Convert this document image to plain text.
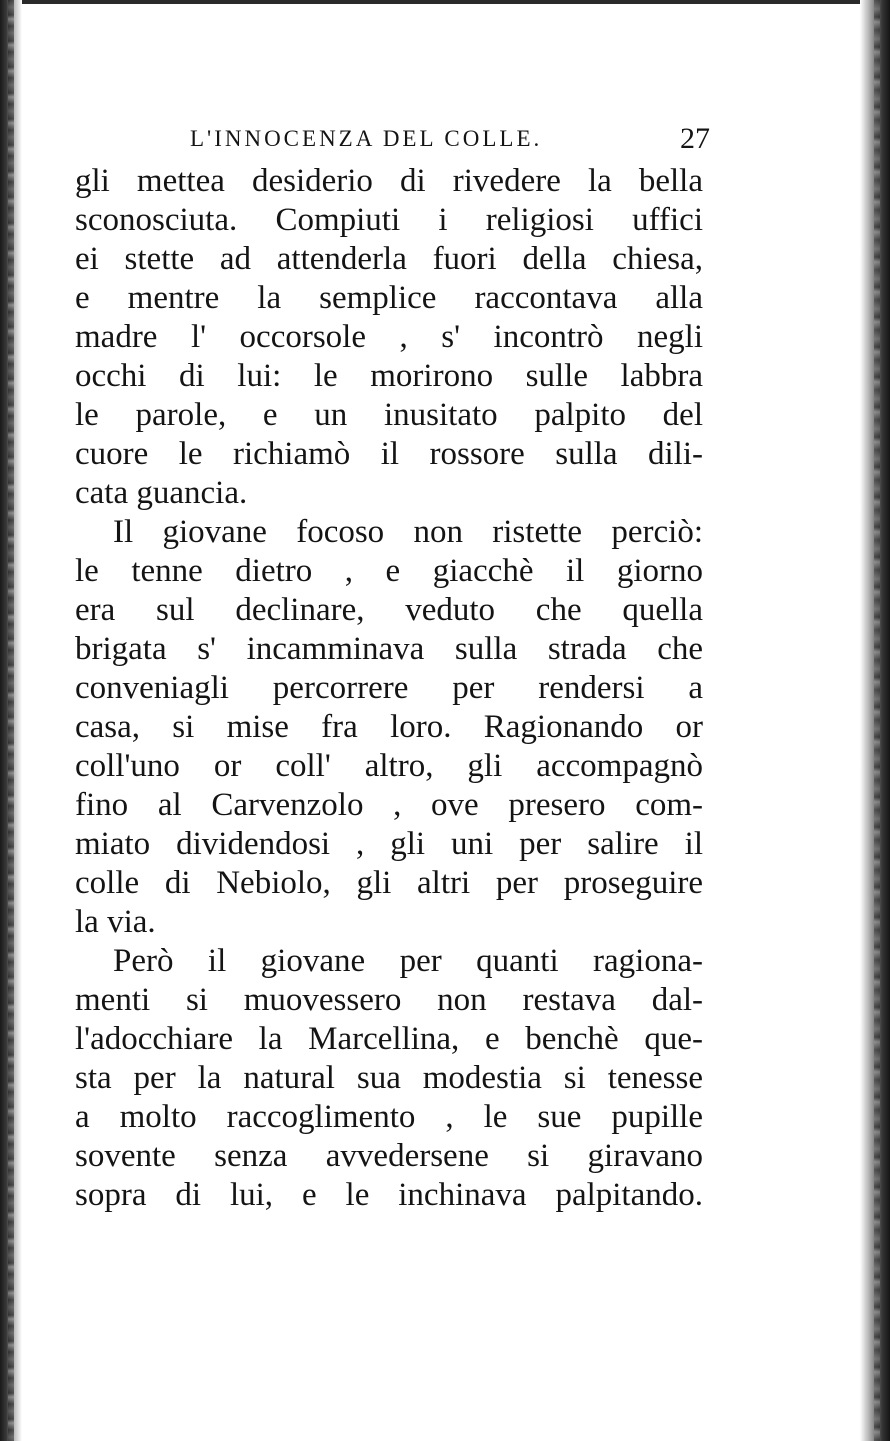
L'INNOCENZA DEL COLLE.	27
gli mettea desiderio di rivedere la bella
sconosciuta. Compiuti i religiosi uffici
ei stette ad attenderla fuori della chiesa,
e mentre la semplice raccontava alla
madre l' occorsole , s' incontrò negli
occhi di lui: le morirono sulle labbra
le parole, e un inusitato palpito del
cuore le richiamò il rossore sulla dili-
cata guancia.
Il giovane focoso non ristette perciò:
le tenne dietro , e giacchè il giorno
era sul declinare, veduto che quella
brigata s' incamminava sulla strada che
conveniagli percorrere per rendersi a
casa, si mise fra loro. Ragionando or
coll'uno or coll' altro, gli accompagnò
fino al Carvenzolo , ove presero com-
miato dividendosi , gli uni per salire il
colle di Nebiolo, gli altri per proseguire
la via.
Però il giovane per quanti ragiona-
menti si muovessero non restava dal-
l'adocchiare la Marcellina, e benchè que-
sta per la natural sua modestia si tenesse
a molto raccoglimento , le sue pupille
sovente senza avvedersene si giravano
sopra di lui, e le inchinava palpitando.
